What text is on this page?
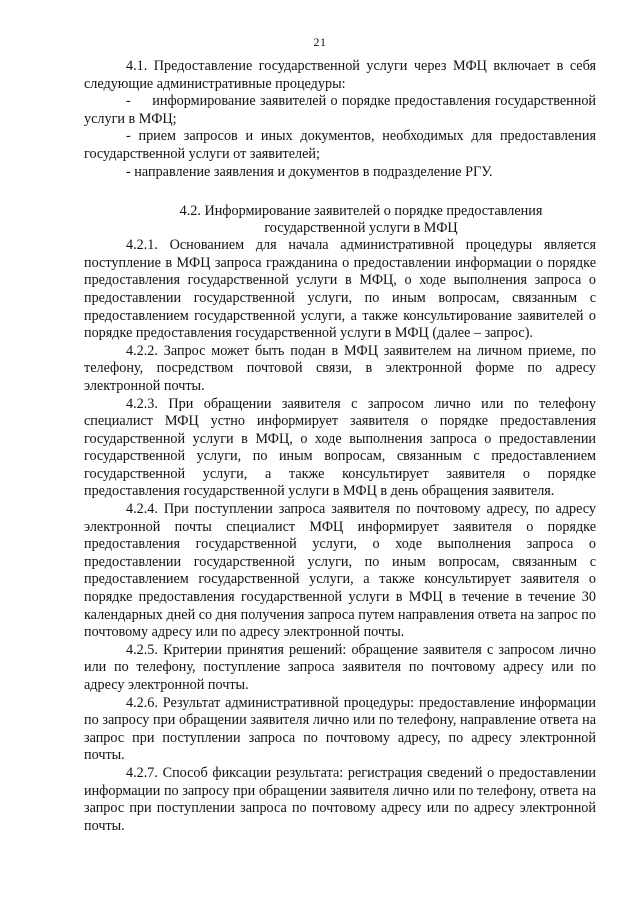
21

4.1. Предоставление государственной услуги через МФЦ включает в себя следующие административные процедуры:

-     информирование заявителей о порядке предоставления государственной услуги в МФЦ;

- прием запросов и иных документов, необходимых для предоставления государственной услуги от заявителей;

- направление заявления и документов в подразделение РГУ.

4.2. Информирование заявителей о порядке предоставления

государственной услуги в МФЦ

4.2.1. Основанием для начала административной процедуры является поступление в МФЦ запроса гражданина о предоставлении информации о порядке предоставления государственной услуги в МФЦ, о ходе выполнения запроса о предоставлении государственной услуги, по иным вопросам, связанным с предоставлением государственной услуги, а также консультирование заявителей о порядке предоставления государственной услуги в МФЦ (далее – запрос).

4.2.2. Запрос может быть подан в МФЦ заявителем на личном приеме, по телефону, посредством почтовой связи, в электронной форме по адресу электронной почты.

4.2.3. При обращении заявителя с запросом лично или по телефону специалист МФЦ устно информирует заявителя о порядке предоставления государственной услуги в МФЦ, о ходе выполнения запроса о предоставлении государственной услуги, по иным вопросам, связанным с предоставлением государственной услуги, а также консультирует заявителя о порядке предоставления государственной услуги в МФЦ в день обращения заявителя.

4.2.4. При поступлении запроса заявителя по почтовому адресу, по адресу электронной почты специалист МФЦ информирует заявителя о порядке предоставления государственной услуги, о ходе выполнения запроса о предоставлении государственной услуги, по иным вопросам, связанным с предоставлением государственной услуги, а также консультирует заявителя о порядке предоставления государственной услуги в МФЦ в течение в течение 30 календарных дней со дня получения запроса путем направления ответа на запрос по почтовому адресу или по адресу электронной почты.

4.2.5. Критерии принятия решений: обращение заявителя с запросом лично или по телефону, поступление запроса заявителя по почтовому адресу или по адресу электронной почты.

4.2.6. Результат административной процедуры: предоставление информации по запросу при обращении заявителя лично или по телефону, направление ответа на запрос при поступлении запроса по почтовому адресу, по адресу электронной почты.

4.2.7. Способ фиксации результата: регистрация сведений о предоставлении информации по запросу при обращении заявителя лично или по телефону, ответа на запрос при поступлении запроса по почтовому адресу или по адресу электронной почты.
